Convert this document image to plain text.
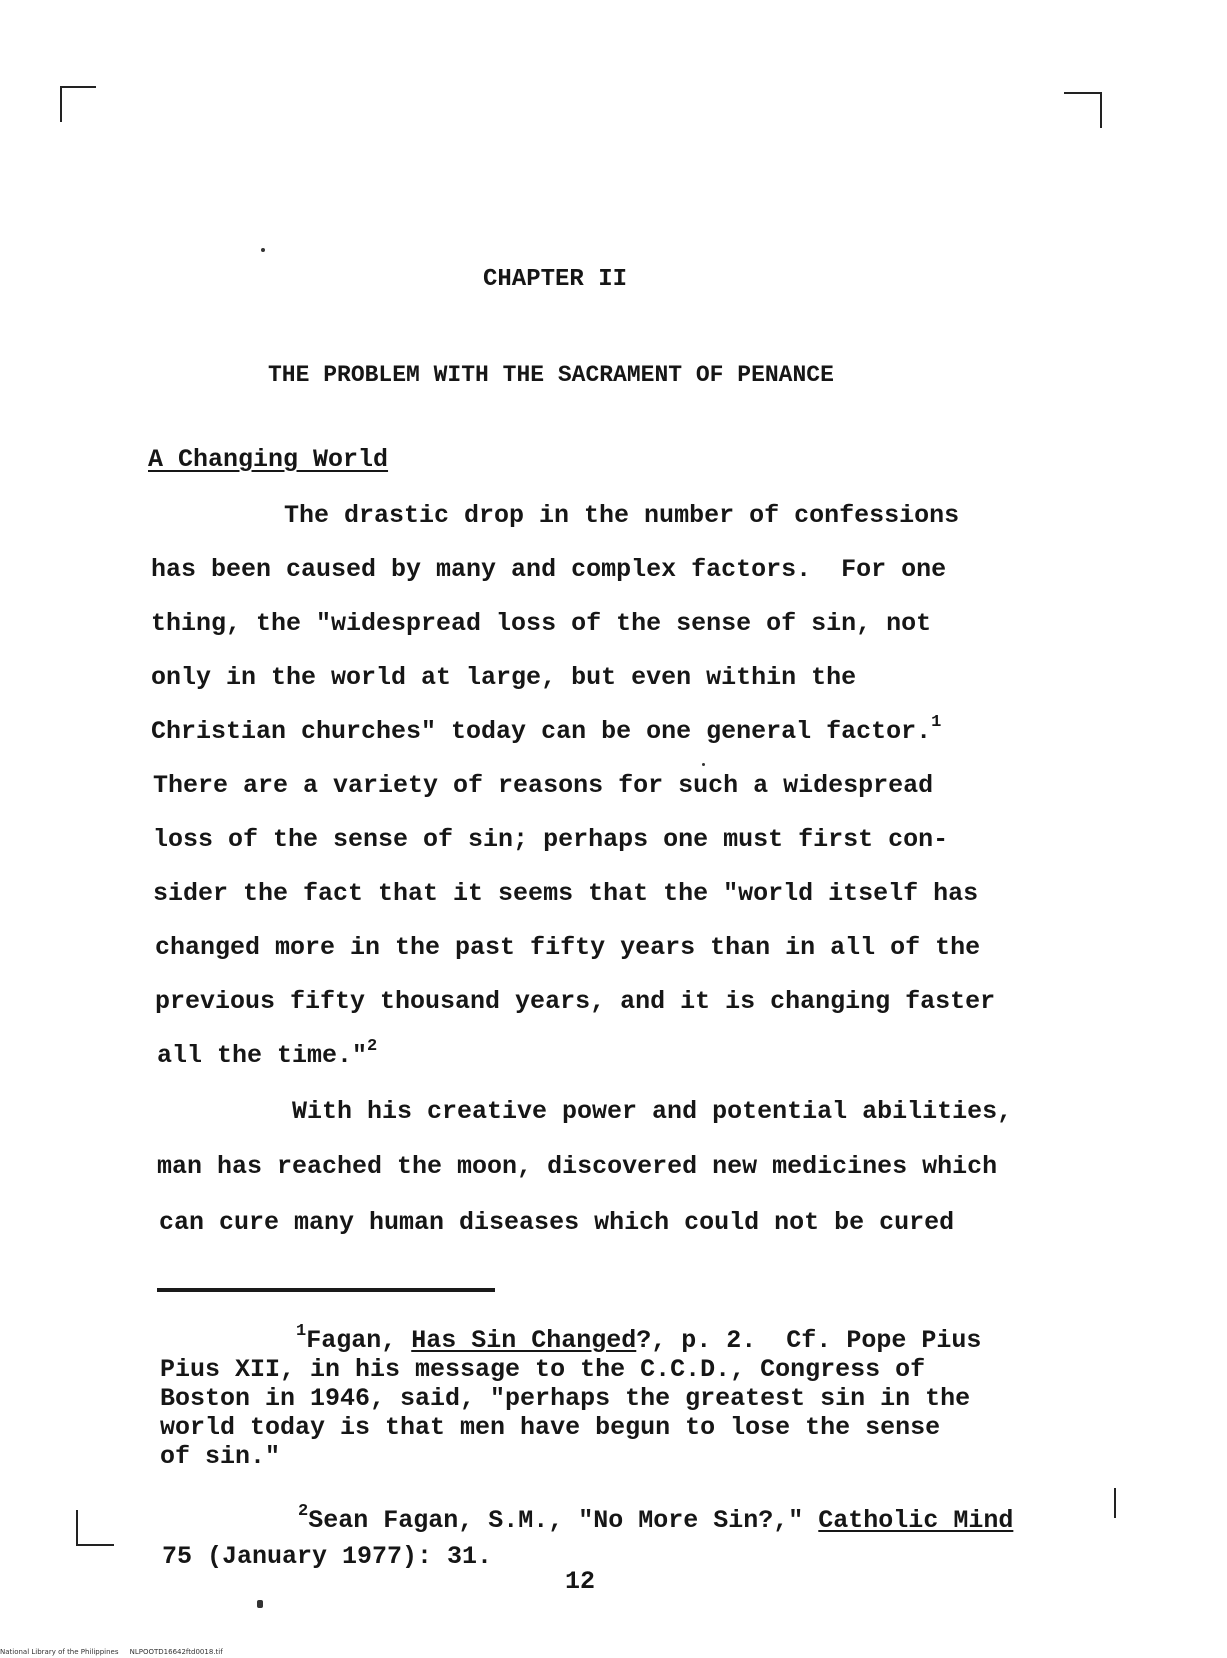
CHAPTER II
THE PROBLEM WITH THE SACRAMENT OF PENANCE
A Changing World
The drastic drop in the number of confessions
has been caused by many and complex factors.  For one
thing, the "widespread loss of the sense of sin, not
only in the world at large, but even within the
Christian churches" today can be one general factor.$^1$
There are a variety of reasons for such a widespread
loss of the sense of sin; perhaps one must first con-
sider the fact that it seems that the "world itself has
changed more in the past fifty years than in all of the
previous fifty thousand years, and it is changing faster
all the time."$^2$
With his creative power and potential abilities,
man has reached the moon, discovered new medicines which
can cure many human diseases which could not be cured
$^1$Fagan, Has Sin Changed?, p. 2.  Cf. Pope Pius
Pius XII, in his message to the C.C.D., Congress of
Boston in 1946, said, "perhaps the greatest sin in the
world today is that men have begun to lose the sense
of sin."
$^2$Sean Fagan, S.M., "No More Sin?," Catholic Mind
75 (January 1977): 31.
12
National Library of the Philippines     NLPOOTD16642ftd0018.tif
